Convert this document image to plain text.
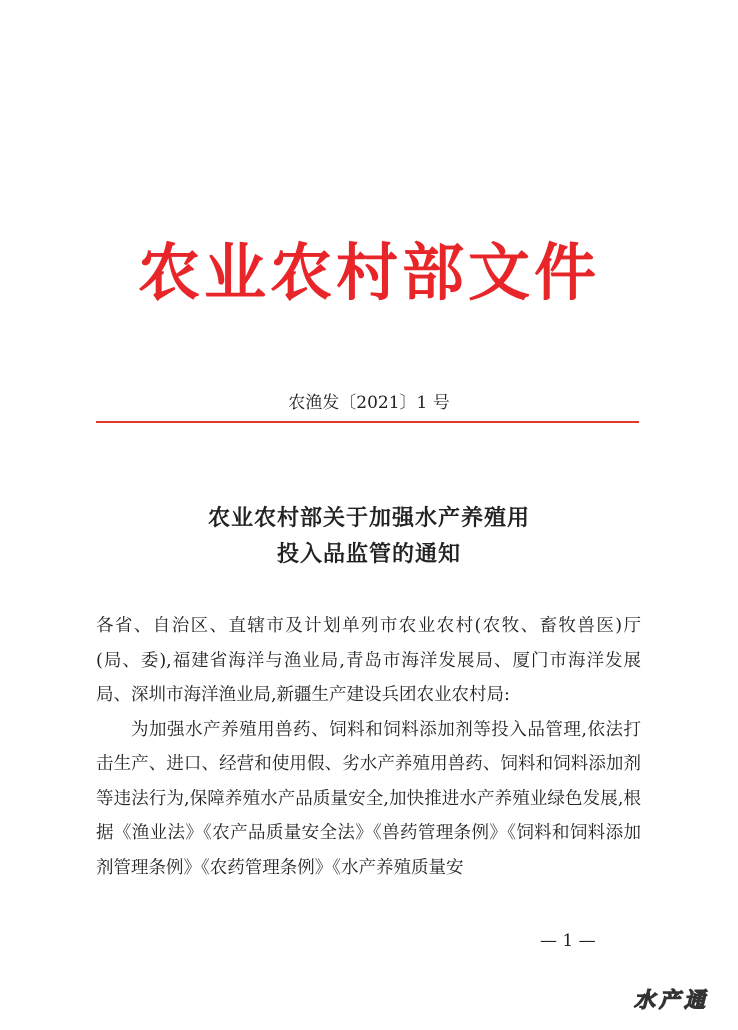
农业农村部文件
农渔发〔2021〕1 号
农业农村部关于加强水产养殖用
投入品监管的通知

各省、自治区、直辖市及计划单列市农业农村(农牧、畜牧兽医)厅(局、委),福建省海洋与渔业局,青岛市海洋发展局、厦门市海洋发展局、深圳市海洋渔业局,新疆生产建设兵团农业农村局:

为加强水产养殖用兽药、饲料和饲料添加剂等投入品管理,依法打击生产、进口、经营和使用假、劣水产养殖用兽药、饲料和饲料添加剂等违法行为,保障养殖水产品质量安全,加快推进水产养殖业绿色发展,根据《渔业法》《农产品质量安全法》《兽药管理条例》《饲料和饲料添加剂管理条例》《农药管理条例》《水产养殖质量安

— 1 —
水产通
